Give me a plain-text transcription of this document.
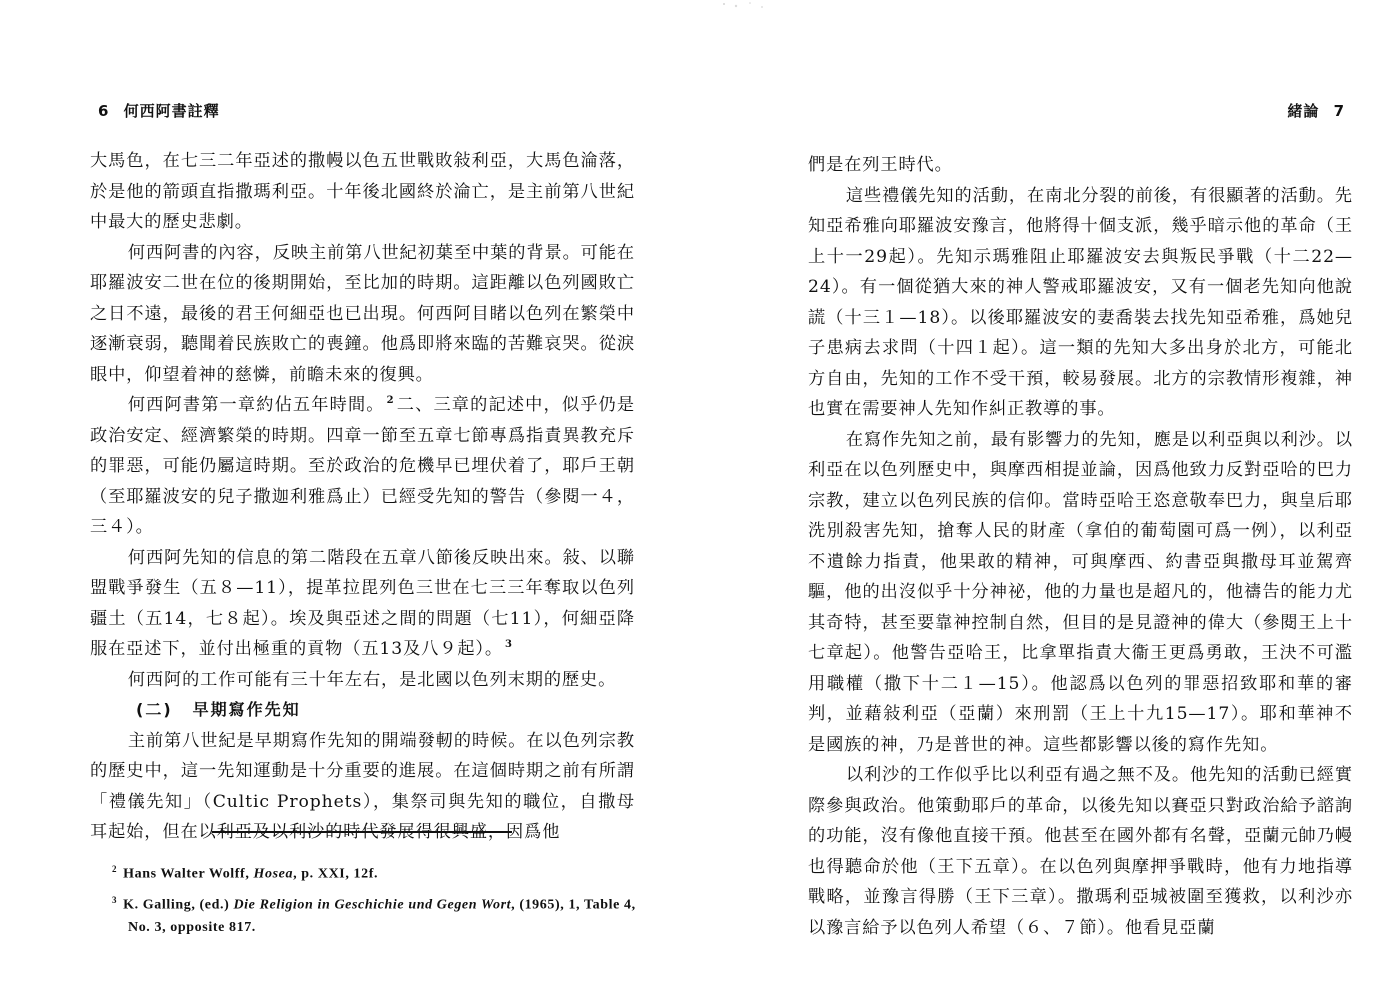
6 何西阿書註釋

大馬色，在七三二年亞述的撒幔以色五世戰敗敍利亞，大馬色淪落，於是他的箭頭直指撒瑪利亞。十年後北國終於淪亡，是主前第八世紀中最大的歷史悲劇。

何西阿書的內容，反映主前第八世紀初葉至中葉的背景。可能在耶羅波安二世在位的後期開始，至比加的時期。這距離以色列國敗亡之日不遠，最後的君王何細亞也已出現。何西阿目睹以色列在繁榮中逐漸衰弱，聽聞着民族敗亡的喪鐘。他爲即將來臨的苦難哀哭。從淚眼中，仰望着神的慈憐，前瞻未來的復興。

何西阿書第一章約佔五年時間。 $^2$ 二、三章的記述中，似乎仍是政治安定、經濟繁榮的時期。四章一節至五章七節專爲指責異教充斥的罪惡，可能仍屬這時期。至於政治的危機早已埋伏着了，耶戶王朝（至耶羅波安的兒子撒迦利雅爲止）已經受先知的警告（參閱一４，三４）。

何西阿先知的信息的第二階段在五章八節後反映出來。敍、以聯盟戰爭發生（五８—11），提革拉毘列色三世在七三三年奪取以色列疆土（五14，七８起）。埃及與亞述之間的問題（七11），何細亞降服在亞述下，並付出極重的貢物（五13及八９起）。 $^3$

何西阿的工作可能有三十年左右，是北國以色列末期的歷史。

(二) 早期寫作先知

主前第八世紀是早期寫作先知的開端發軔的時候。在以色列宗教的歷史中，這一先知運動是十分重要的進展。在這個時期之前有所謂「禮儀先知」（Cultic Prophets），集祭司與先知的職位，自撒母耳起始，但在以利亞及以利沙的時代發展得很興盛，因爲他

$^2$ Hans Walter Wolff, Hosea, p. XXI, 12f.

$^3$ K. Galling, (ed.) Die Religion in Geschichie und Gegen Wort, (1965), 1, Table 4, No. 3, opposite 817.

緒論 7

們是在列王時代。

這些禮儀先知的活動，在南北分裂的前後，有很顯著的活動。先知亞希雅向耶羅波安豫言，他將得十個支派，幾乎暗示他的革命（王上十一29起）。先知示瑪雅阻止耶羅波安去與叛民爭戰（十二22—24）。有一個從猶大來的神人警戒耶羅波安，又有一個老先知向他說謊（十三１—18）。以後耶羅波安的妻喬裝去找先知亞希雅，爲她兒子患病去求問（十四１起）。這一類的先知大多出身於北方，可能北方自由，先知的工作不受干預，較易發展。北方的宗教情形複雜，神也實在需要神人先知作糾正教導的事。

在寫作先知之前，最有影響力的先知，應是以利亞與以利沙。以利亞在以色列歷史中，與摩西相提並論，因爲他致力反對亞哈的巴力宗教，建立以色列民族的信仰。當時亞哈王恣意敬奉巴力，與皇后耶洗別殺害先知，搶奪人民的財產（拿伯的葡萄園可爲一例），以利亞不遺餘力指責，他果敢的精神，可與摩西、約書亞與撒母耳並駕齊驅，他的出沒似乎十分神祕，他的力量也是超凡的，他禱告的能力尤其奇特，甚至要靠神控制自然，但目的是見證神的偉大（參閱王上十七章起）。他警告亞哈王，比拿單指責大衞王更爲勇敢，王決不可濫用職權（撒下十二１—15）。他認爲以色列的罪惡招致耶和華的審判，並藉敍利亞（亞蘭）來刑罰（王上十九15—17）。耶和華神不是國族的神，乃是普世的神。這些都影響以後的寫作先知。

以利沙的工作似乎比以利亞有過之無不及。他先知的活動已經實際參與政治。他策動耶戶的革命，以後先知以賽亞只對政治給予諮詢的功能，沒有像他直接干預。他甚至在國外都有名聲，亞蘭元帥乃幔也得聽命於他（王下五章）。在以色列與摩押爭戰時，他有力地指導戰略，並豫言得勝（王下三章）。撒瑪利亞城被圍至獲救，以利沙亦以豫言給予以色列人希望（６、７節）。他看見亞蘭
